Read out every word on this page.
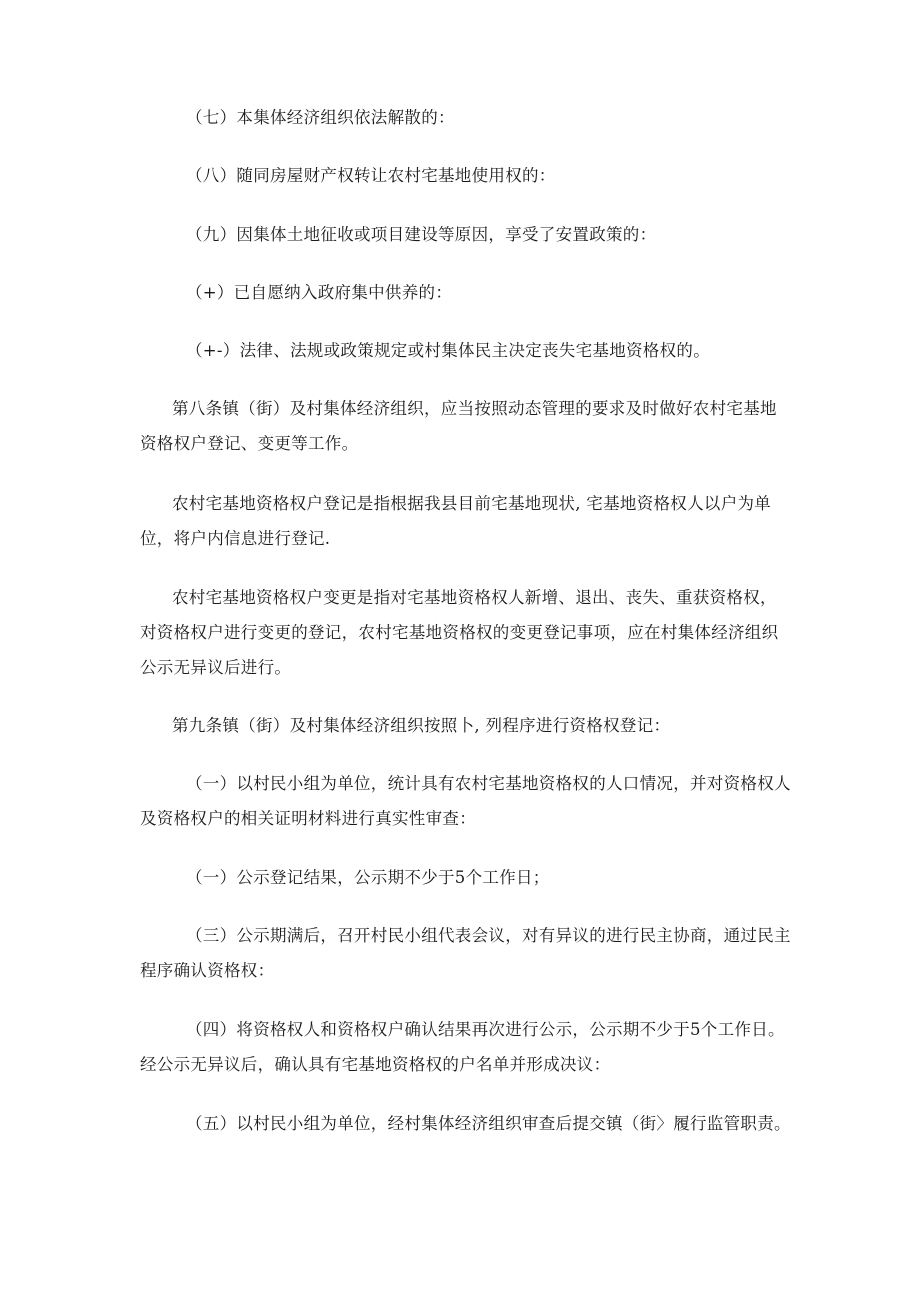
（七）本集体经济组织依法解散的：

（八）随同房屋财产权转让农村宅基地使用权的：

（九）因集体土地征收或项目建设等原因，享受了安置政策的：

（+）已自愿纳入政府集中供养的：

（+-）法律、法规或政策规定或村集体民主决定丧失宅基地资格权的。

第八条镇（街）及村集体经济组织，应当按照动态管理的要求及时做好农村宅基地
资格权户登记、变更等工作。

农村宅基地资格权户登记是指根据我县目前宅基地现状, 宅基地资格权人以户为单
位，将户内信息进行登记.

农村宅基地资格权户变更是指对宅基地资格权人新增、退出、丧失、重获资格权，
对资格权户进行变更的登记，农村宅基地资格权的变更登记事项，应在村集体经济组织
公示无异议后进行。

第九条镇（街）及村集体经济组织按照卜, 列程序进行资格权登记：

（一）以村民小组为单位，统计具有农村宅基地资格权的人口情况，并对资格权人
及资格权户的相关证明材料进行真实性审查：

（一）公示登记结果，公示期不少于5个工作日；

（三）公示期满后，召开村民小组代表会议，对有异议的进行民主协商，通过民主
程序确认资格权：

（四）将资格权人和资格权户确认结果再次进行公示，公示期不少于5个工作日。
经公示无异议后，确认具有宅基地资格权的户名单并形成决议：

（五）以村民小组为单位，经村集体经济组织审查后提交镇（街〉履行监管职责。
